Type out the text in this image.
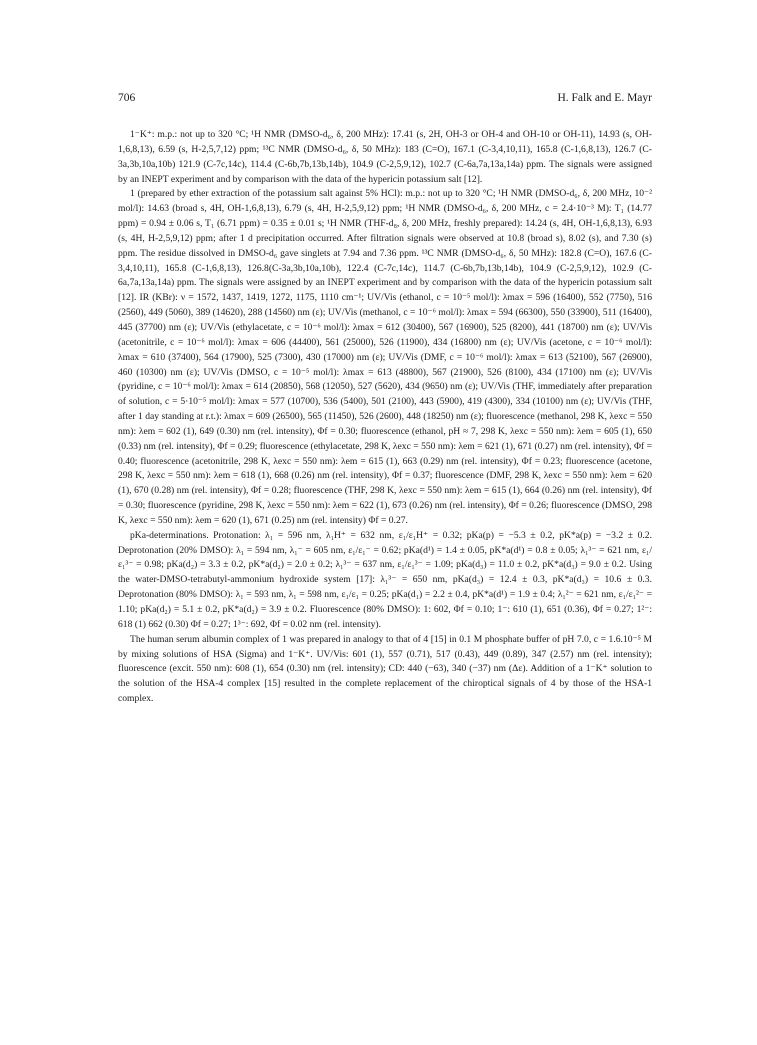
706	H. Falk and E. Mayr

1⁻K⁺: m.p.: not up to 320 °C; ¹H NMR (DMSO-d₆, δ, 200 MHz): 17.41 (s, 2H, OH-3 or OH-4 and OH-10 or OH-11), 14.93 (s, OH-1,6,8,13), 6.59 (s, H-2,5,7,12) ppm; ¹³C NMR (DMSO-d₆, δ, 50 MHz): 183 (C=O), 167.1 (C-3,4,10,11), 165.8 (C-1,6,8,13), 126.7 (C-3a,3b,10a,10b) 121.9 (C-7c,14c), 114.4 (C-6b,7b,13b,14b), 104.9 (C-2,5,9,12), 102.7 (C-6a,7a,13a,14a) ppm. The signals were assigned by an INEPT experiment and by comparison with the data of the hypericin potassium salt [12].

1 (prepared by ether extraction of the potassium salt against 5% HCl): m.p.: not up to 320 °C; ¹H NMR (DMSO-d₆, δ, 200 MHz, 10⁻² mol/l): 14.63 (broad s, 4H, OH-1,6,8,13), 6.79 (s, 4H, H-2,5,9,12) ppm; ¹H NMR (DMSO-d₆, δ, 200 MHz, c = 2.4·10⁻³ M): T₁ (14.77 ppm) = 0.94 ± 0.06 s, T₁ (6.71 ppm) = 0.35 ± 0.01 s; ¹H NMR (THF-d₈, δ, 200 MHz, freshly prepared): 14.24 (s, 4H, OH-1,6,8,13), 6.93 (s, 4H, H-2,5,9,12) ppm; after 1 d precipitation occurred. After filtration signals were observed at 10.8 (broad s), 8.02 (s), and 7.30 (s) ppm. The residue dissolved in DMSO-d₆ gave singlets at 7.94 and 7.36 ppm. ¹³C NMR (DMSO-d₆, δ, 50 MHz): 182.8 (C=O), 167.6 (C-3,4,10,11), 165.8 (C-1,6,8,13), 126.8(C-3a,3b,10a,10b), 122.4 (C-7c,14c), 114.7 (C-6b,7b,13b,14b), 104.9 (C-2,5,9,12), 102.9 (C-6a,7a,13a,14a) ppm. The signals were assigned by an INEPT experiment and by comparison with the data of the hypericin potassium salt [12]. IR (KBr): ν = 1572, 1437, 1419, 1272, 1175, 1110 cm⁻¹; UV/Vis (ethanol, c = 10⁻⁵ mol/l): λmax = 596 (16400), 552 (7750), 516 (2560), 449 (5060), 389 (14620), 288 (14560) nm (ε); UV/Vis (methanol, c = 10⁻⁶ mol/l): λmax = 594 (66300), 550 (33900), 511 (16400), 445 (37700) nm (ε); UV/Vis (ethylacetate, c = 10⁻⁶ mol/l): λmax = 612 (30400), 567 (16900), 525 (8200), 441 (18700) nm (ε); UV/Vis (acetonitrile, c = 10⁻⁶ mol/l): λmax = 606 (44400), 561 (25000), 526 (11900), 434 (16800) nm (ε); UV/Vis (acetone, c = 10⁻⁶ mol/l): λmax = 610 (37400), 564 (17900), 525 (7300), 430 (17000) nm (ε); UV/Vis (DMF, c = 10⁻⁶ mol/l): λmax = 613 (52100), 567 (26900), 460 (10300) nm (ε); UV/Vis (DMSO, c = 10⁻⁵ mol/l): λmax = 613 (48800), 567 (21900), 526 (8100), 434 (17100) nm (ε); UV/Vis (pyridine, c = 10⁻⁶ mol/l): λmax = 614 (20850), 568 (12050), 527 (5620), 434 (9650) nm (ε); UV/Vis (THF, immediately after preparation of solution, c = 5·10⁻⁵ mol/l): λmax = 577 (10700), 536 (5400), 501 (2100), 443 (5900), 419 (4300), 334 (10100) nm (ε); UV/Vis (THF, after 1 day standing at r.t.): λmax = 609 (26500), 565 (11450), 526 (2600), 448 (18250) nm (ε); fluorescence (methanol, 298 K, λexc = 550 nm): λem = 602 (1), 649 (0.30) nm (rel. intensity), Φf = 0.30; fluorescence (ethanol, pH ≈ 7, 298 K, λexc = 550 nm): λem = 605 (1), 650 (0.33) nm (rel. intensity), Φf = 0.29; fluorescence (ethylacetate, 298 K, λexc = 550 nm): λem = 621 (1), 671 (0.27) nm (rel. intensity), Φf = 0.40; fluorescence (acetonitrile, 298 K, λexc = 550 nm): λem = 615 (1), 663 (0.29) nm (rel. intensity), Φf = 0.23; fluorescence (acetone, 298 K, λexc = 550 nm): λem = 618 (1), 668 (0.26) nm (rel. intensity), Φf = 0.37; fluorescence (DMF, 298 K, λexc = 550 nm): λem = 620 (1), 670 (0.28) nm (rel. intensity), Φf = 0.28; fluorescence (THF, 298 K, λexc = 550 nm): λem = 615 (1), 664 (0.26) nm (rel. intensity), Φf = 0.30; fluorescence (pyridine, 298 K, λexc = 550 nm): λem = 622 (1), 673 (0.26) nm (rel. intensity), Φf = 0.26; fluorescence (DMSO, 298 K, λexc = 550 nm): λem = 620 (1), 671 (0.25) nm (rel. intensity) Φf = 0.27.

pKa-determinations. Protonation: λ₁ = 596 nm, λ₁H⁺ = 632 nm, ε₁/ε₁H⁺ = 0.32; pKa(p) = −5.3 ± 0.2, pK*a(p) = −3.2 ± 0.2. Deprotonation (20% DMSO): λ₁ = 594 nm, λ₁⁻ = 605 nm, ε₁/ε₁⁻ = 0.62; pKa(d¹) = 1.4 ± 0.05, pK*a(d¹) = 0.8 ± 0.05; λ₁³⁻ = 621 nm, ε₁/ε₁³⁻ = 0.98; pKa(d₂) = 3.3 ± 0.2, pK*a(d₂) = 2.0 ± 0.2; λ₁³⁻ = 637 nm, ε₁/ε₁³⁻ = 1.09; pKa(d₃) = 11.0 ± 0.2, pK*a(d₃) = 9.0 ± 0.2. Using the water-DMSO-tetrabutyl-ammonium hydroxide system [17]: λ₁³⁻ = 650 nm, pKa(d₃) = 12.4 ± 0.3, pK*a(d₃) = 10.6 ± 0.3. Deprotonation (80% DMSO): λ₁ = 593 nm, λ₁ = 598 nm, ε₁/ε₁ = 0.25; pKa(d₁) = 2.2 ± 0.4, pK*a(d¹) = 1.9 ± 0.4; λ₁²⁻ = 621 nm, ε₁/ε₁²⁻ = 1.10; pKa(d₂) = 5.1 ± 0.2, pK*a(d₂) = 3.9 ± 0.2. Fluorescence (80% DMSO): 1: 602, Φf = 0.10; 1⁻: 610 (1), 651 (0.36), Φf = 0.27; 1²⁻: 618 (1) 662 (0.30) Φf = 0.27; 1³⁻: 692, Φf = 0.02 nm (rel. intensity).

The human serum albumin complex of 1 was prepared in analogy to that of 4 [15] in 0.1 M phosphate buffer of pH 7.0, c = 1.6.10⁻⁵ M by mixing solutions of HSA (Sigma) and 1⁻K⁺. UV/Vis: 601 (1), 557 (0.71), 517 (0.43), 449 (0.89), 347 (2.57) nm (rel. intensity); fluorescence (excit. 550 nm): 608 (1), 654 (0.30) nm (rel. intensity); CD: 440 (−63), 340 (−37) nm (Δε). Addition of a 1⁻K⁺ solution to the solution of the HSA-4 complex [15] resulted in the complete replacement of the chiroptical signals of 4 by those of the HSA-1 complex.
